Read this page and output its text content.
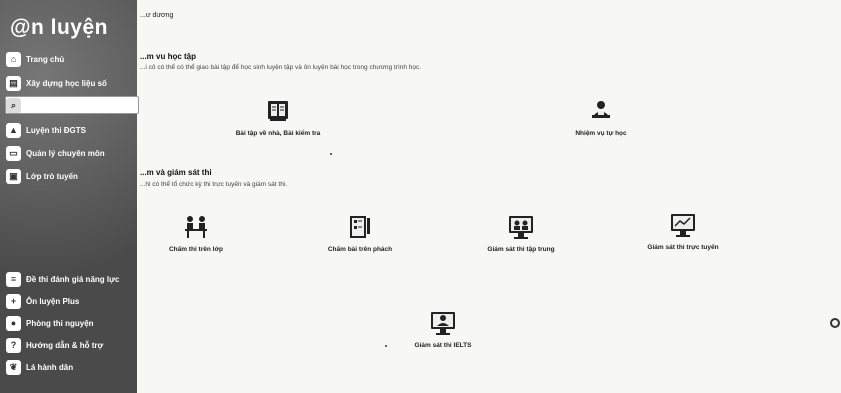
@n luyện
⌂	Trang chủ
▤	Xây dựng học liệu số
⌕
▲	Luyện thi ĐGTS
▭	Quản lý chuyên môn
▣	Lớp trò tuyến
≡	Đề thi đánh giá năng lực
+	Ôn luyện Plus
●	Phòng thi nguyện
?	Hướng dẫn & hỗ trợ
❦	Lá hành dân
...ư dương
...m vu học tập
...i cô có thể có thể giao bài tập để học sinh luyện tập và ôn luyện bài học trong chương trình học.
Bài tập về nhà, Bài kiểm tra	Nhiệm vụ tự học
...m và giám sát thi
...hi có thể tổ chức kỳ thi trực tuyến và giám sát thi.
Chấm thi trên lớp	Chấm bài trên phách	Giám sát thi tập trung	Giám sát thi trực tuyến
Giám sát thi IELTS
